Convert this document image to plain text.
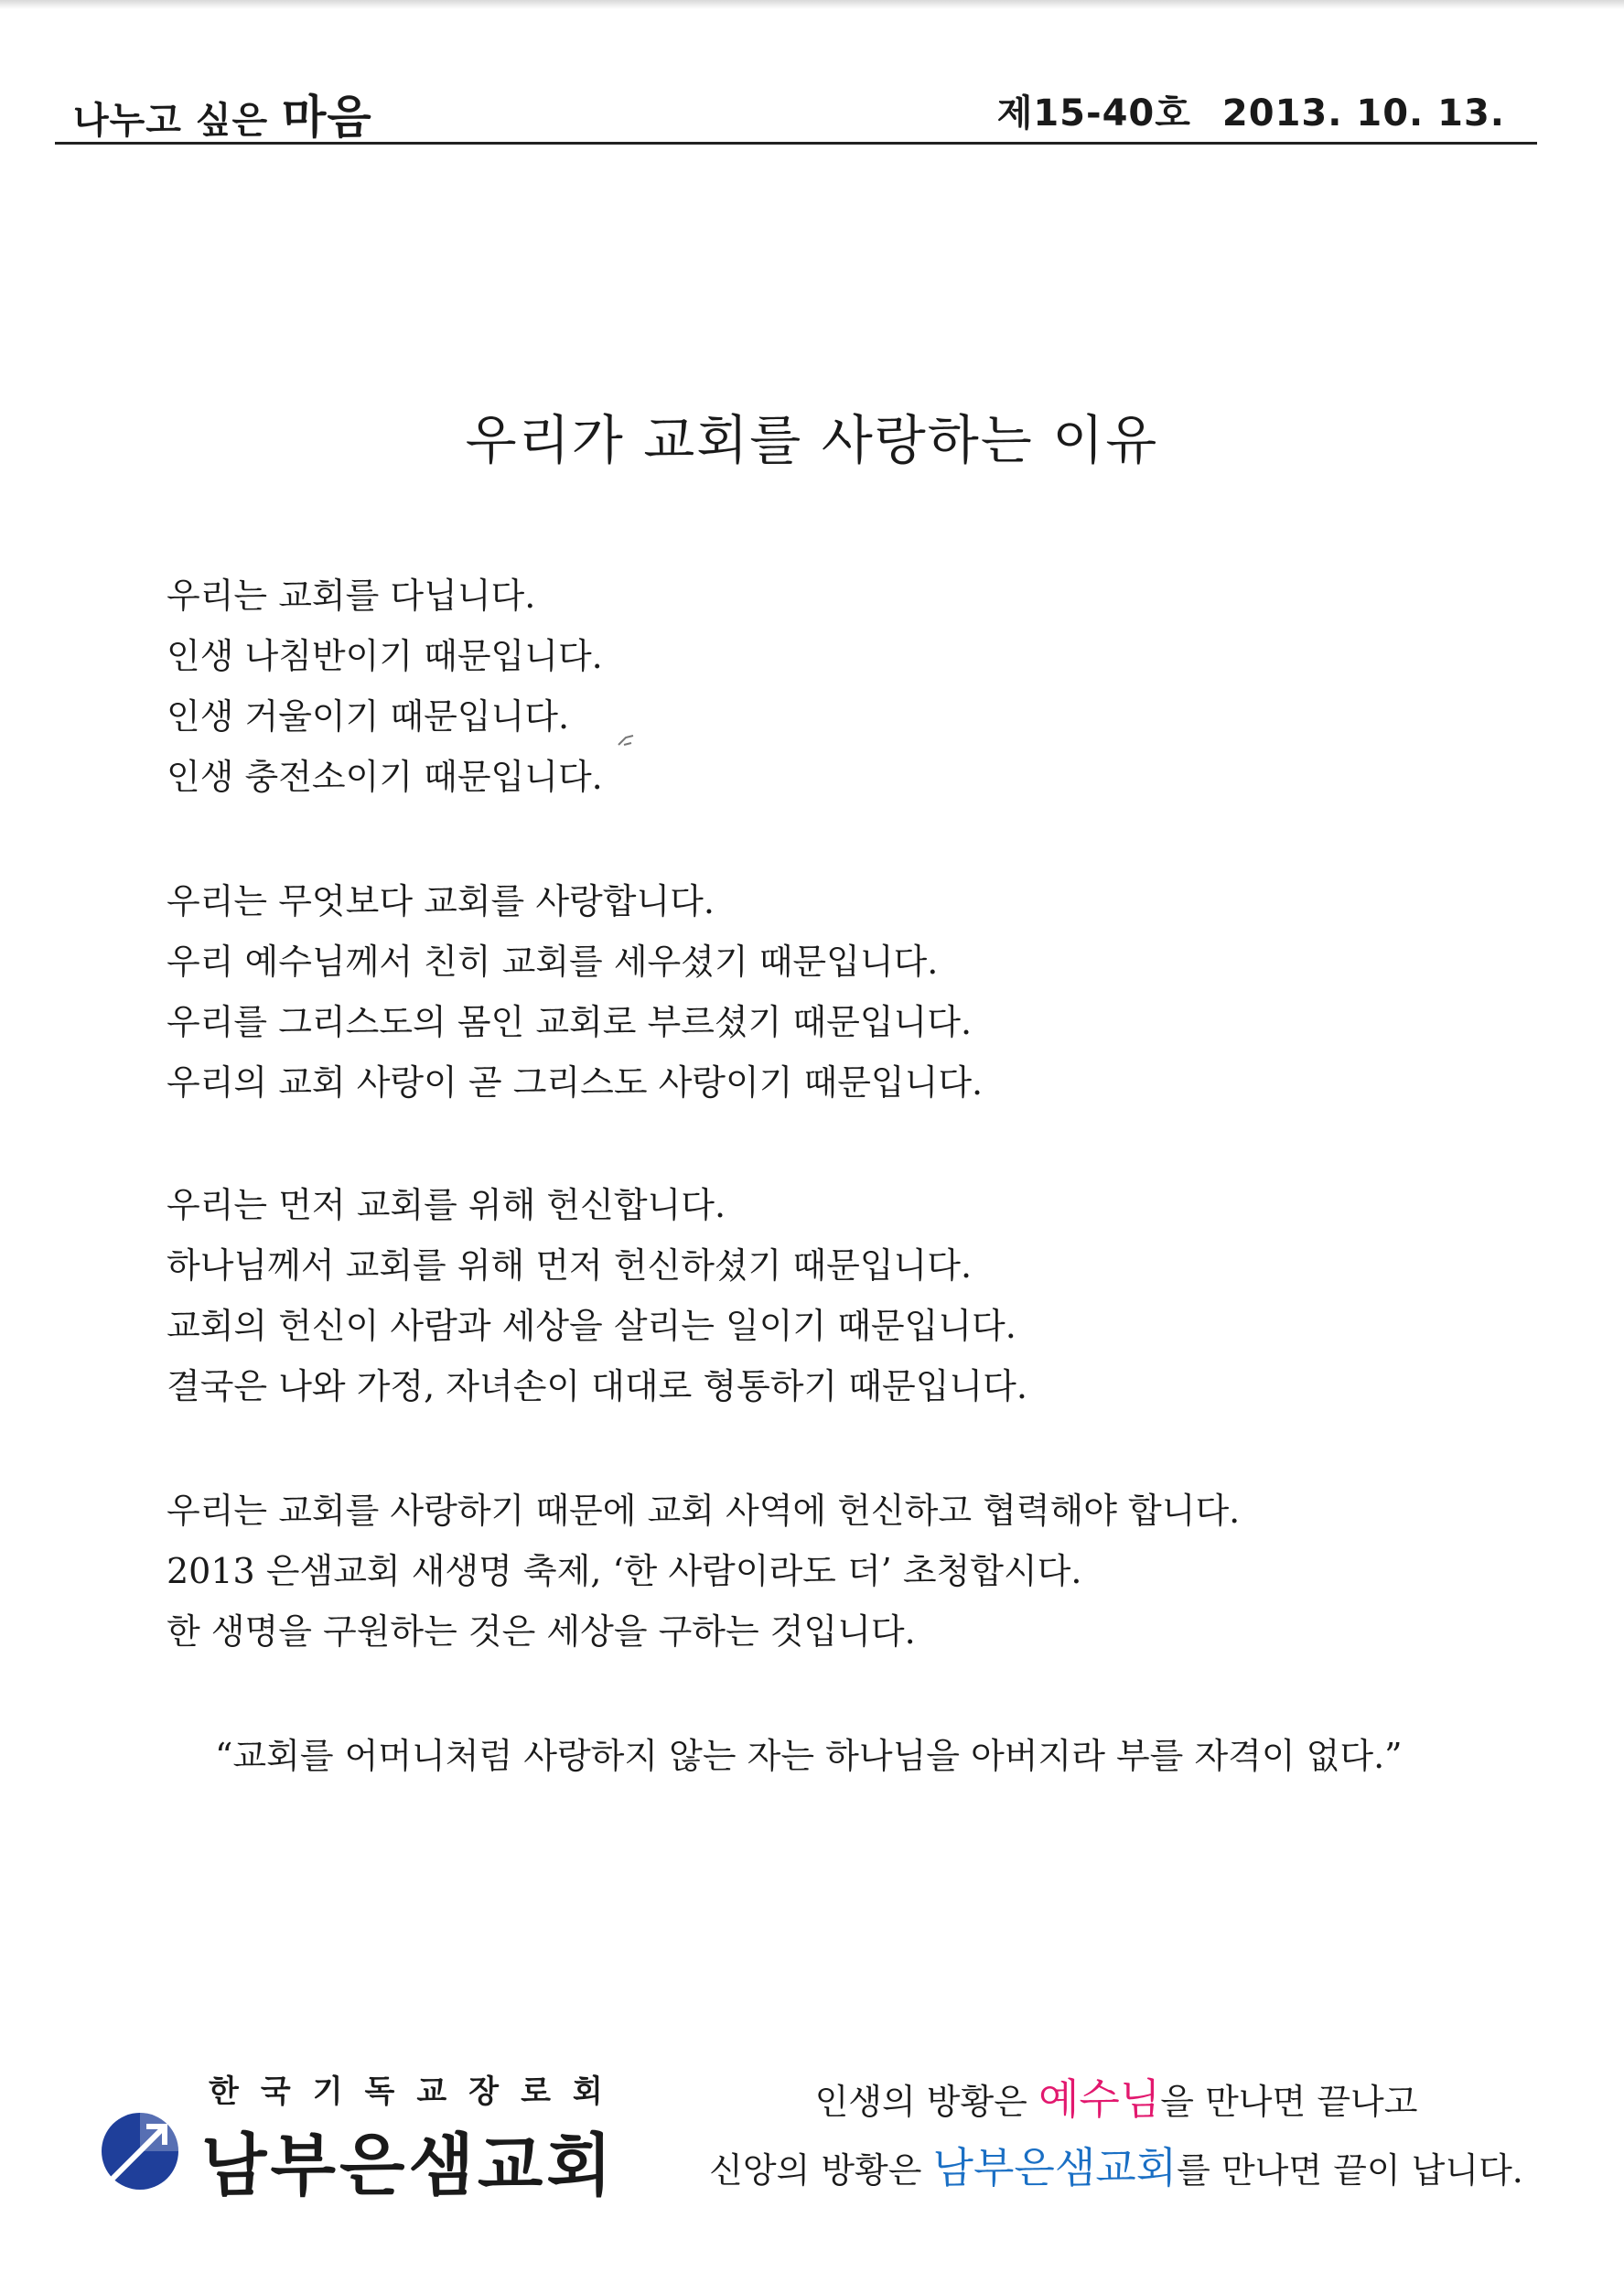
나누고 싶은 마음	제15-40호 2013. 10. 13.
우리가 교회를 사랑하는 이유
우리는 교회를 다닙니다.
인생 나침반이기 때문입니다.
인생 거울이기 때문입니다.
인생 충전소이기 때문입니다.
우리는 무엇보다 교회를 사랑합니다.
우리 예수님께서 친히 교회를 세우셨기 때문입니다.
우리를 그리스도의 몸인 교회로 부르셨기 때문입니다.
우리의 교회 사랑이 곧 그리스도 사랑이기 때문입니다.
우리는 먼저 교회를 위해 헌신합니다.
하나님께서 교회를 위해 먼저 헌신하셨기 때문입니다.
교회의 헌신이 사람과 세상을 살리는 일이기 때문입니다.
결국은 나와 가정, 자녀손이 대대로 형통하기 때문입니다.
우리는 교회를 사랑하기 때문에 교회 사역에 헌신하고 협력해야 합니다.
2013 은샘교회 새생명 축제, ‘한 사람이라도 더’ 초청합시다.
한 생명을 구원하는 것은 세상을 구하는 것입니다.
“교회를 어머니처럼 사랑하지 않는 자는 하나님을 아버지라 부를 자격이 없다.”
한국기독교장로회
남부은샘교회
인생의 방황은 예수님을 만나면 끝나고
신앙의 방황은 남부은샘교회를 만나면 끝이 납니다.
